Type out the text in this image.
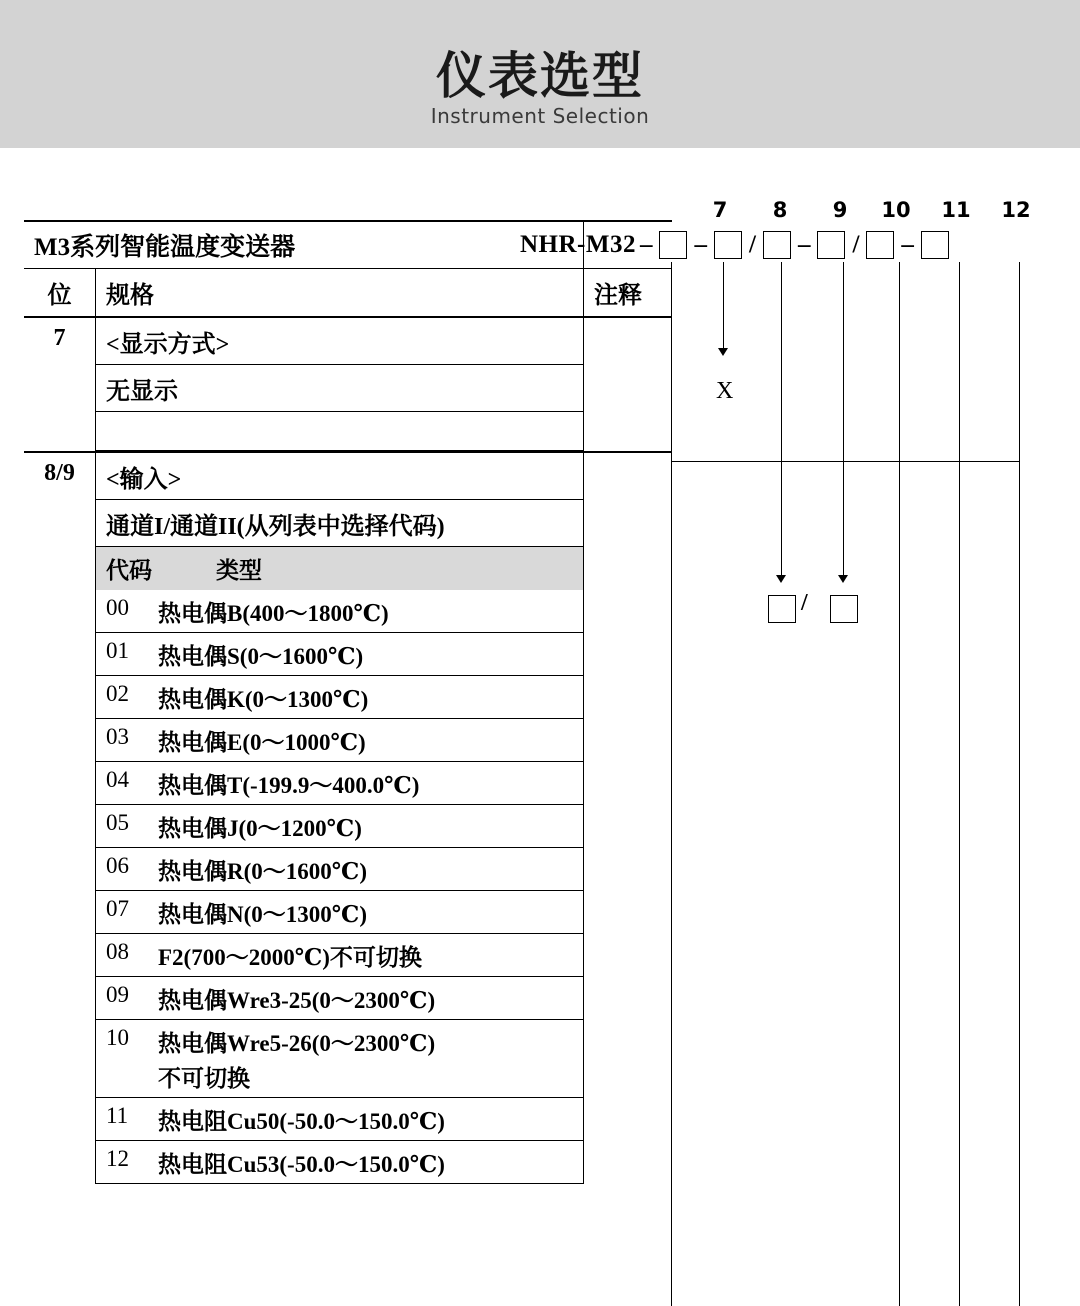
仪表选型
Instrument Selection
7	8	9	10 11 12
NHR-M32 – – / – / –
X
/
M3系列智能温度变送器
位	规格	注释
7	<显示方式>
无显示

8/9	<输入>
通道I/通道II(从列表中选择代码)
代码	类型
00	热电偶B(400～1800℃)
01	热电偶S(0～1600℃)
02	热电偶K(0～1300℃)
03	热电偶E(0～1000℃)
04	热电偶T(-199.9～400.0℃)
05	热电偶J(0～1200℃)
06	热电偶R(0～1600℃)
07	热电偶N(0～1300℃)
08	F2(700～2000℃)不可切换
09	热电偶Wre3-25(0～2300℃)
10	热电偶Wre5-26(0～2300℃)
不可切换
11	热电阻Cu50(-50.0～150.0℃)
12	热电阻Cu53(-50.0～150.0℃)
